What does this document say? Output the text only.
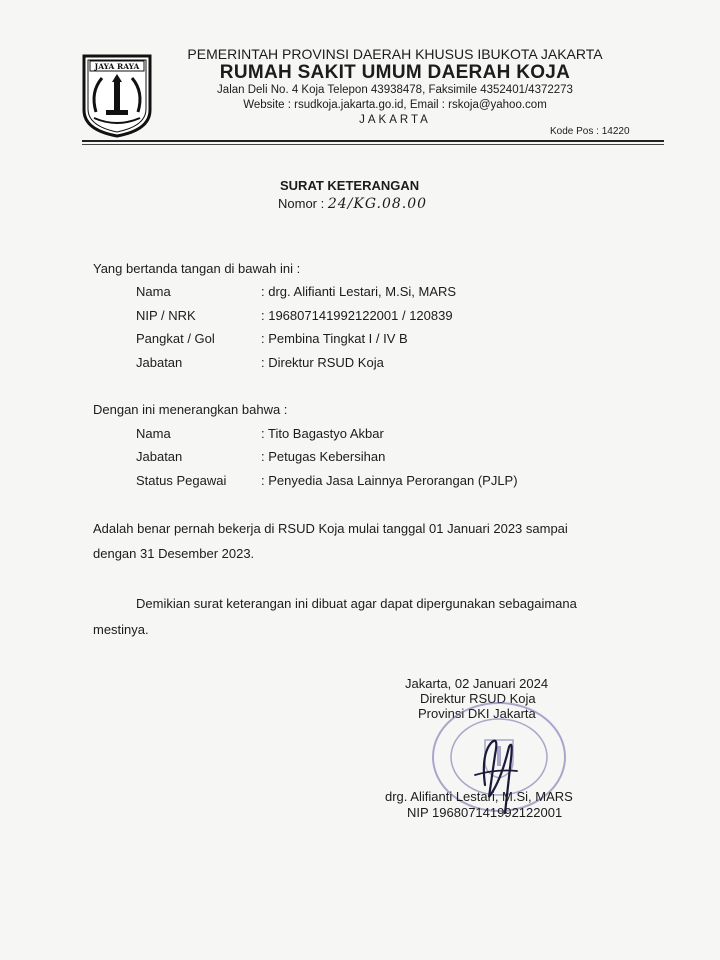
JAYA RAYA
PEMERINTAH PROVINSI DAERAH KHUSUS IBUKOTA JAKARTA
RUMAH SAKIT UMUM DAERAH KOJA
Jalan Deli No. 4 Koja Telepon 43938478, Faksimile 4352401/4372273
Website : rsudkoja.jakarta.go.id, Email : rskoja@yahoo.com
JAKARTA
Kode Pos : 14220
SURAT KETERANGAN
Nomor : 24/KG.08.00
Yang bertanda tangan di bawah ini :
Nama	: drg. Alifianti Lestari, M.Si, MARS
NIP / NRK	: 196807141992122001 / 120839
Pangkat / Gol	: Pembina Tingkat I / IV B
Jabatan	: Direktur RSUD Koja
Dengan ini menerangkan bahwa :
Nama	: Tito Bagastyo Akbar
Jabatan	: Petugas Kebersihan
Status Pegawai	: Penyedia Jasa Lainnya Perorangan (PJLP)
Adalah benar pernah bekerja di RSUD Koja mulai tanggal 01 Januari 2023 sampai
dengan 31 Desember 2023.
Demikian surat keterangan ini dibuat agar dapat dipergunakan sebagaimana
mestinya.
Jakarta, 02 Januari 2024
Direktur RSUD Koja
Provinsi DKI Jakarta
drg. Alifianti Lestari, M.Si, MARS
NIP 196807141992122001
